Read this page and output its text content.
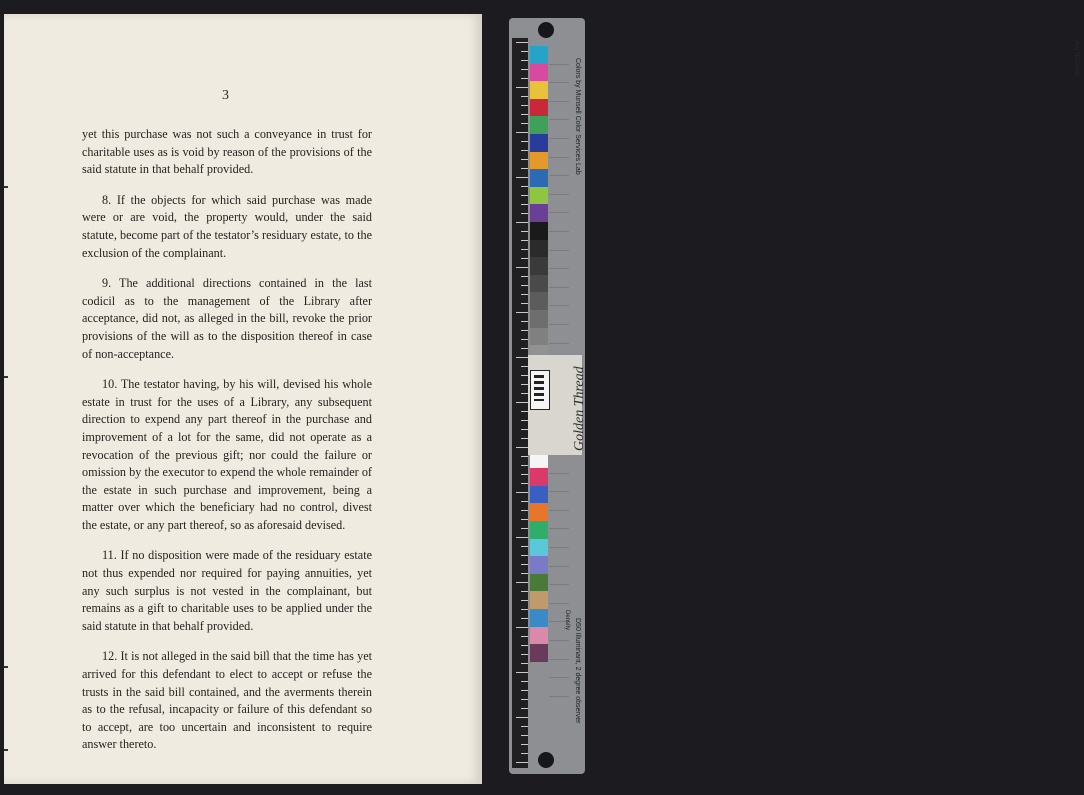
3

yet this purchase was not such a conveyance in trust for charitable uses as is void by reason of the provisions of the said statute in that behalf provided.

8. If the objects for which said purchase was made were or are void, the property would, under the said statute, become part of the testator’s residuary estate, to the exclusion of the complainant.

9. The additional directions contained in the last codicil as to the management of the Library after acceptance, did not, as alleged in the bill, revoke the prior provisions of the will as to the disposition thereof in case of non-acceptance.

10. The testator having, by his will, devised his whole estate in trust for the uses of a Library, any subsequent direction to expend any part thereof in the purchase and improvement of a lot for the same, did not operate as a revocation of the previous gift; nor could the failure or omission by the executor to expend the whole remainder of the estate in such purchase and improvement, being a matter over which the beneficiary had no control, divest the estate, or any part thereof, so as aforesaid devised.

11. If no disposition were made of the residuary estate not thus expended nor required for paying annuities, yet any such surplus is not vested in the complainant, but remains as a gift to charitable uses to be applied under the said statute in that behalf provided.

12. It is not alleged in the said bill that the time has yet arrived for this defendant to elect to accept or refuse the trusts in the said bill contained, and the averments therein as to the refusal, incapacity or failure of this defendant so to accept, are too uncertain and inconsistent to require answer thereto.

Colors by Munsell Color Services Lab	Jim Williams
D50 Illuminant, 2 degree observer
Golden Thread
Density
